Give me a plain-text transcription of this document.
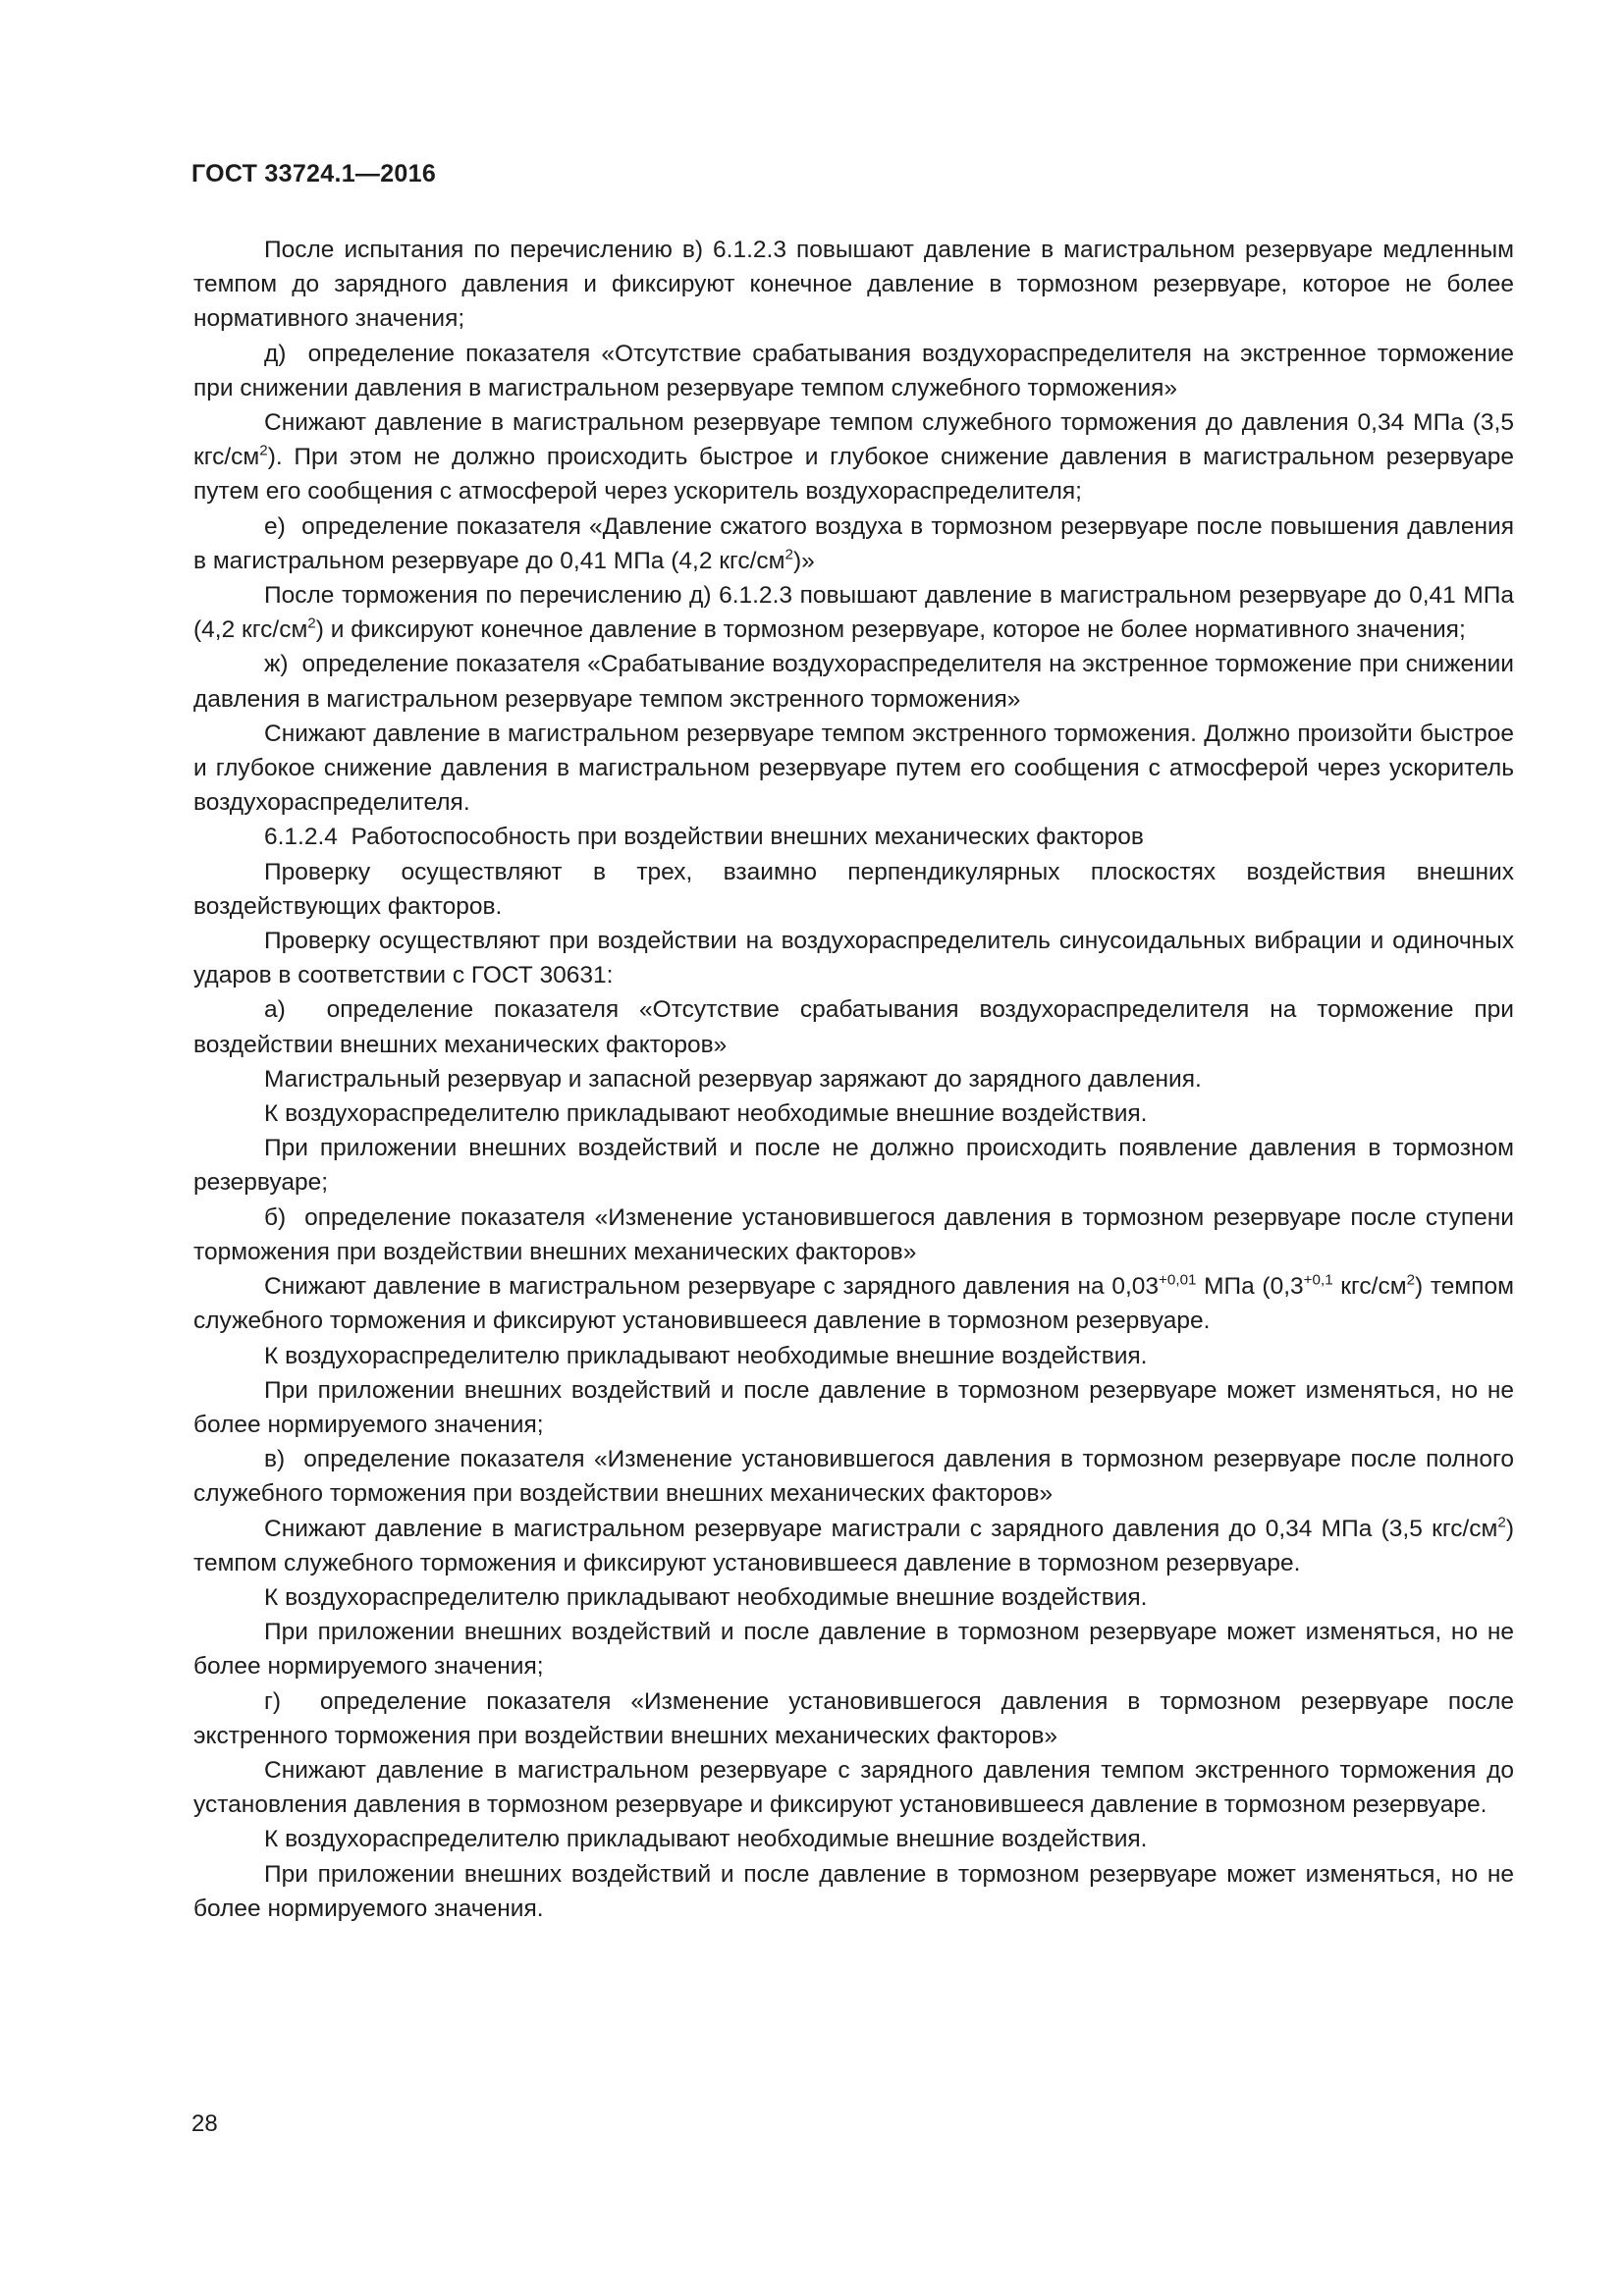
ГОСТ 33724.1—2016

После испытания по перечислению в) 6.1.2.3 повышают давление в магистральном резервуаре медленным темпом до зарядного давления и фиксируют конечное давление в тормозном резервуаре, которое не более нормативного значения;

д)  определение показателя «Отсутствие срабатывания воздухораспределителя на экстренное торможение при снижении давления в магистральном резервуаре темпом служебного торможения»

Снижают давление в магистральном резервуаре темпом служебного торможения до давления 0,34 МПа (3,5 кгс/$см^2$). При этом не должно происходить быстрое и глубокое снижение давления в магистральном резервуаре путем его сообщения с атмосферой через ускоритель воздухораспределителя;

е)  определение показателя «Давление сжатого воздуха в тормозном резервуаре после повышения давления в магистральном резервуаре до 0,41 МПа (4,2 кгс/$см^2$)»

После торможения по перечислению д) 6.1.2.3 повышают давление в магистральном резервуаре до 0,41 МПа (4,2 кгс/$см^2$) и фиксируют конечное давление в тормозном резервуаре, которое не более нормативного значения;

ж)  определение показателя «Срабатывание воздухораспределителя на экстренное торможение при снижении давления в магистральном резервуаре темпом экстренного торможения»

Снижают давление в магистральном резервуаре темпом экстренного торможения. Должно произойти быстрое и глубокое снижение давления в магистральном резервуаре путем его сообщения с атмосферой через ускоритель воздухораспределителя.

6.1.2.4  Работоспособность при воздействии внешних механических факторов

Проверку осуществляют в трех, взаимно перпендикулярных плоскостях воздействия внешних воздействующих факторов.

Проверку осуществляют при воздействии на воздухораспределитель синусоидальных вибрации и одиночных ударов в соответствии с ГОСТ 30631:

а)  определение показателя «Отсутствие срабатывания воздухораспределителя на торможение при воздействии внешних механических факторов»

Магистральный резервуар и запасной резервуар заряжают до зарядного давления.

К воздухораспределителю прикладывают необходимые внешние воздействия.

При приложении внешних воздействий и после не должно происходить появление давления в тормозном резервуаре;

б)  определение показателя «Изменение установившегося давления в тормозном резервуаре после ступени торможения при воздействии внешних механических факторов»

Снижают давление в магистральном резервуаре с зарядного давления на $0,03^{+0,01}$ МПа ($0,3^{+0,1}$ кгс/$см^2$) темпом служебного торможения и фиксируют установившееся давление в тормозном резервуаре.

К воздухораспределителю прикладывают необходимые внешние воздействия.

При приложении внешних воздействий и после давление в тормозном резервуаре может изменяться, но не более нормируемого значения;

в)  определение показателя «Изменение установившегося давления в тормозном резервуаре после полного служебного торможения при воздействии внешних механических факторов»

Снижают давление в магистральном резервуаре магистрали с зарядного давления до 0,34 МПа (3,5 кгс/$см^2$) темпом служебного торможения и фиксируют установившееся давление в тормозном резервуаре.

К воздухораспределителю прикладывают необходимые внешние воздействия.

При приложении внешних воздействий и после давление в тормозном резервуаре может изменяться, но не более нормируемого значения;

г)  определение показателя «Изменение установившегося давления в тормозном резервуаре после экстренного торможения при воздействии внешних механических факторов»

Снижают давление в магистральном резервуаре с зарядного давления темпом экстренного торможения до установления давления в тормозном резервуаре и фиксируют установившееся давление в тормозном резервуаре.

К воздухораспределителю прикладывают необходимые внешние воздействия.

При приложении внешних воздействий и после давление в тормозном резервуаре может изменяться, но не более нормируемого значения.

28
